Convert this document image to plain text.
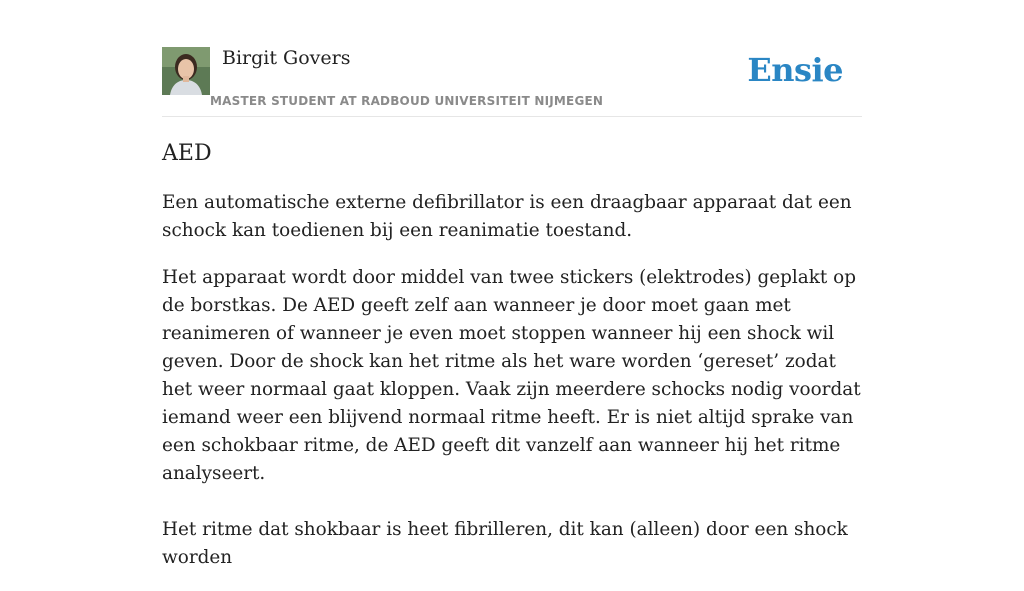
Birgit Govers
MASTER STUDENT AT RADBOUD UNIVERSITEIT NIJMEGEN
Ensie
AED

Een automatische externe defibrillator is een draagbaar apparaat dat een schock kan toedienen bij een reanimatie toestand.

Het apparaat wordt door middel van twee stickers (elektrodes) geplakt op de borstkas. De AED geeft zelf aan wanneer je door moet gaan met reanimeren of wanneer je even moet stoppen wanneer hij een shock wil geven. Door de shock kan het ritme als het ware worden ‘gereset’ zodat het weer normaal gaat kloppen. Vaak zijn meerdere schocks nodig voordat iemand weer een blijvend normaal ritme heeft. Er is niet altijd sprake van een schokbaar ritme, de AED geeft dit vanzelf aan wanneer hij het ritme analyseert.

Het ritme dat shokbaar is heet fibrilleren, dit kan (alleen) door een shock worden
